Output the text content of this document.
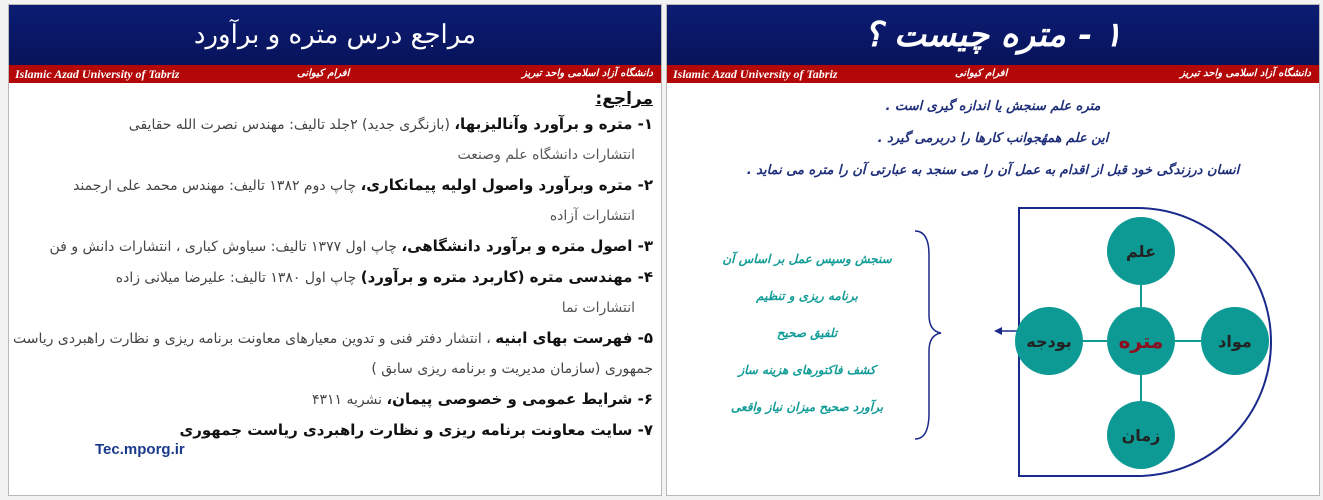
مراجع درس متره و برآورد
Islamic Azad University of Tabriz	افرام کیوانی	دانشگاه آزاد اسلامی واحد تبریز
مراجع:
١- متره و برآورد وآنالیزبها، (بازنگری جدید) ٢جلد تالیف: مهندس نصرت الله حقایقی
انتشارات دانشگاه علم وصنعت
٢- متره وبرآورد واصول اولیه پیمانکاری، چاپ دوم ١٣٨٢ تالیف: مهندس محمد علی ارجمند
انتشارات آزاده
٣- اصول متره و برآورد دانشگاهی، چاپ اول ١٣٧٧ تالیف: سیاوش کباری ، انتشارات دانش و فن
۴- مهندسی متره (کاربرد متره و برآورد) چاپ اول ١٣٨٠ تالیف: علیرضا میلانی زاده
انتشارات نما
۵- فهرست بهای ابنیه ، انتشار دفتر فنی و تدوین معیارهای معاونت برنامه ریزی و نظارت راهبردی ریاست
جمهوری (سازمان مدیریت و برنامه ریزی سابق )
۶- شرایط عمومی و خصوصی پیمان، نشریه ۴٣١١
٧- سایت معاونت برنامه ریزی و نظارت راهبردی ریاست جمهوری
Tec.mporg.ir
١ - متره چیست ؟
Islamic Azad University of Tabriz	افرام کیوانی	دانشگاه آزاد اسلامی واحد تبریز
متره علم سنجش یا اندازه گیری است .
این علم همهٔجوانب کارها را دربرمی گیرد .
انسان درزندگی خود قبل از اقدام به عمل آن را می سنجد به عبارتی آن را متره می نماید .
علم
متره	مواد
زمان
بودجه
سنجش وسپس عمل بر اساس آن
برنامه ریزی و تنظیم
تلفیق صحیح
کشف فاکتورهای هزینه ساز
برآورد صحیح میزان نیاز واقعی
